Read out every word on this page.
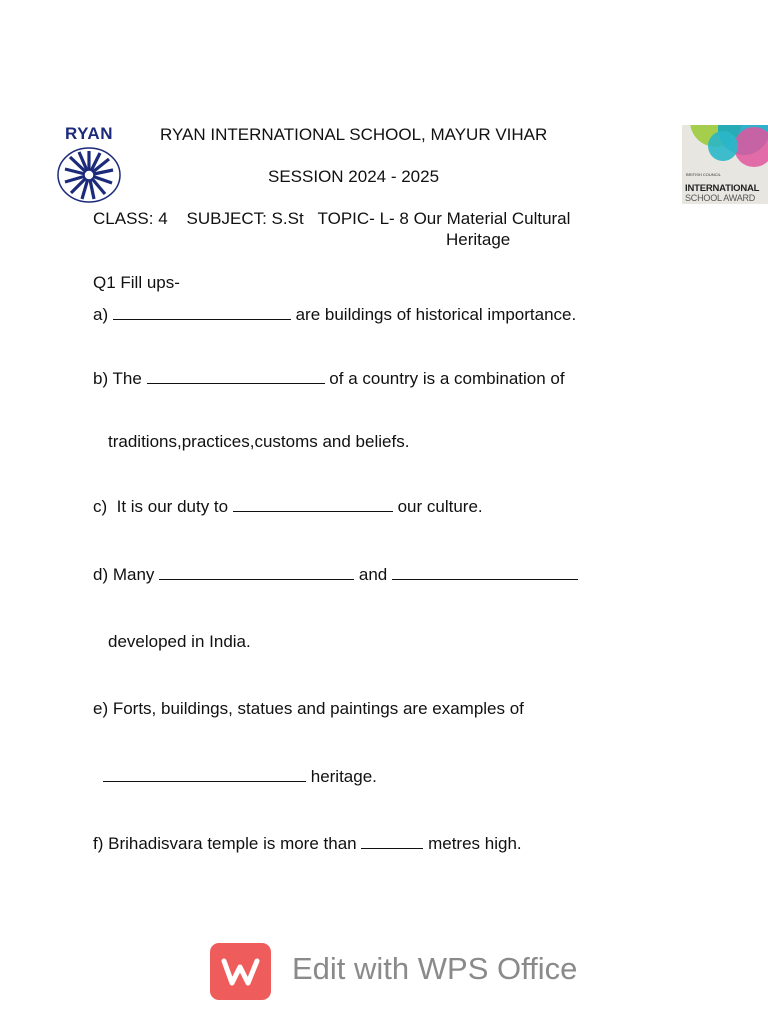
RYAN	RYAN INTERNATIONAL SCHOOL, MAYUR VIHAR
SESSION 2024 - 2025
CLASS: 4    SUBJECT: S.St   TOPIC- L- 8 Our Material Cultural
Heritage
BRITISH COUNCIL
INTERNATIONAL
SCHOOL AWARD
Q1 Fill ups-
a)	are buildings of historical importance.
b) The	of a country is a combination of
traditions,practices,customs and beliefs.
c)  It is our duty to	our culture.
d) Many	and
developed in India.
e) Forts, buildings, statues and paintings are examples of
heritage.
f) Brihadisvara temple is more than	metres high.
Edit with WPS Office
